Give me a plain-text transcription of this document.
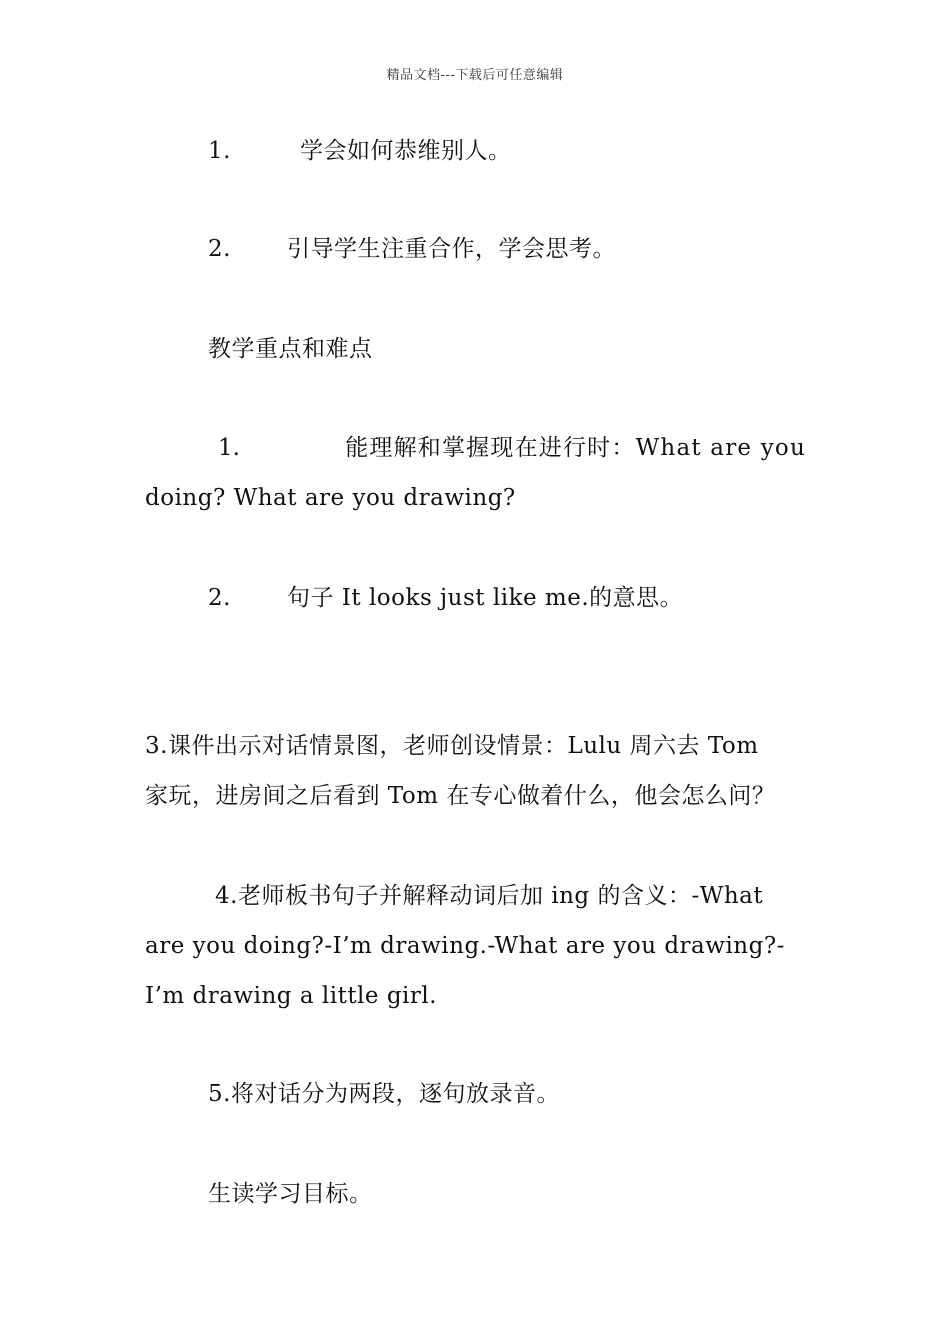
精品文档---下载后可任意编辑
1.	学会如何恭维别人。
2. 引导学生注重合作，学会思考。
教学重点和难点
1.	能理解和掌握现在进行时：What are you
doing? What are you drawing?
2. 句子 It looks just like me.的意思。
3.课件出示对话情景图，老师创设情景：Lulu 周六去 Tom
家玩，进房间之后看到 Tom 在专心做着什么，他会怎么问？
4.老师板书句子并解释动词后加 ing 的含义：-What
are you doing?-I’m drawing.-What are you drawing?-
I’m drawing a little girl.
5.将对话分为两段，逐句放录音。
生读学习目标。
